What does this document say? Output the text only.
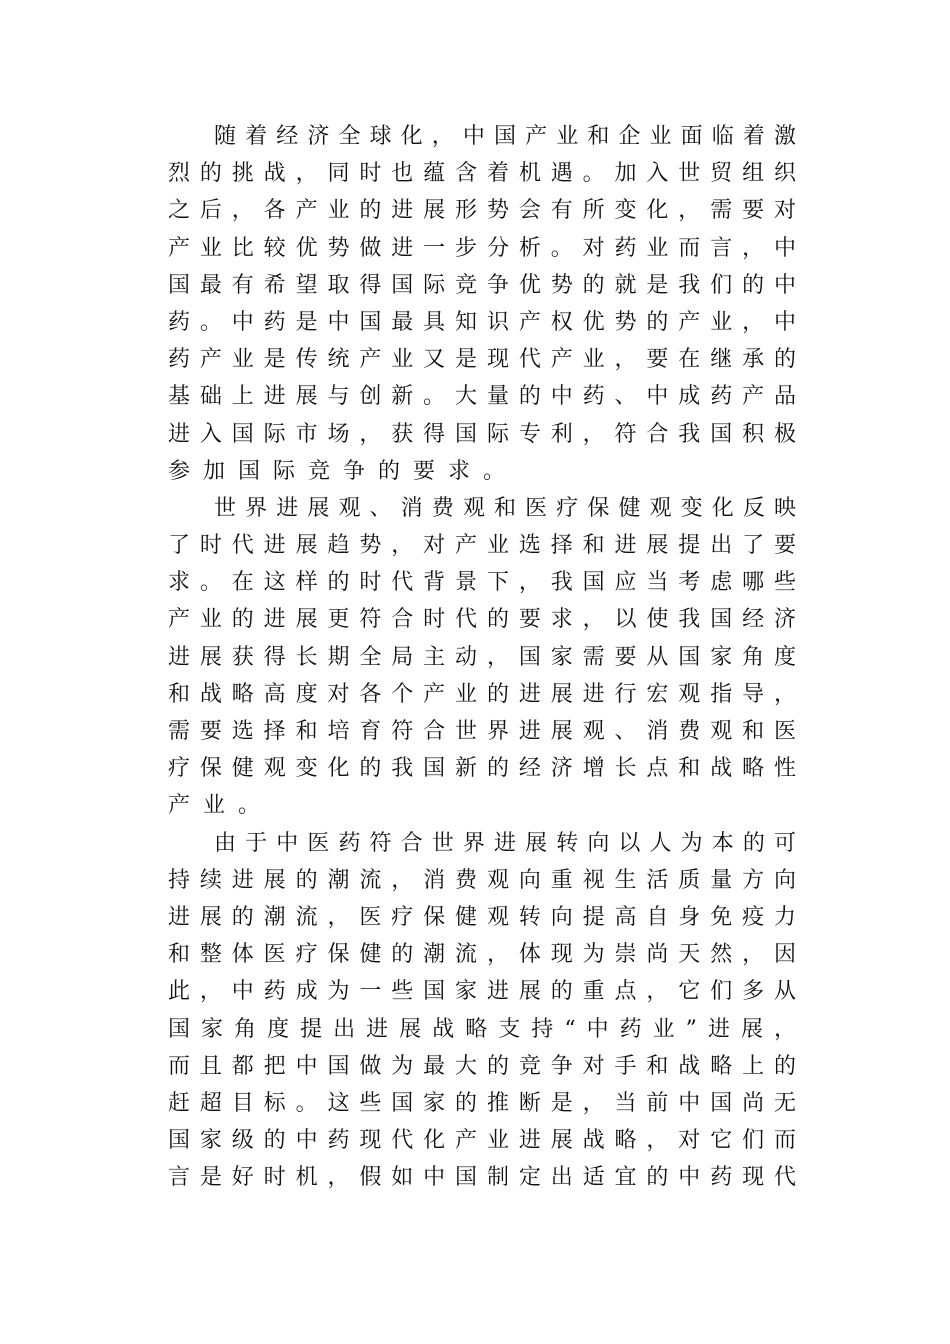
随着经济全球化，中国产业和企业面临着激
烈的挑战，同时也蕴含着机遇。加入世贸组织
之后，各产业的进展形势会有所变化，需要对
产业比较优势做进一步分析。对药业而言，中
国最有希望取得国际竞争优势的就是我们的中
药。中药是中国最具知识产权优势的产业，中
药产业是传统产业又是现代产业，要在继承的
基础上进展与创新。大量的中药、中成药产品
进入国际市场，获得国际专利，符合我国积极
参加国际竞争的要求。
世界进展观、消费观和医疗保健观变化反映
了时代进展趋势，对产业选择和进展提出了要
求。在这样的时代背景下，我国应当考虑哪些
产业的进展更符合时代的要求，以使我国经济
进展获得长期全局主动，国家需要从国家角度
和战略高度对各个产业的进展进行宏观指导，
需要选择和培育符合世界进展观、消费观和医
疗保健观变化的我国新的经济增长点和战略性
产业。
由于中医药符合世界进展转向以人为本的可
持续进展的潮流，消费观向重视生活质量方向
进展的潮流，医疗保健观转向提高自身免疫力
和整体医疗保健的潮流，体现为崇尚天然，因
此，中药成为一些国家进展的重点，它们多从
国家角度提出进展战略支持“中药业”进展，
而且都把中国做为最大的竞争对手和战略上的
赶超目标。这些国家的推断是，当前中国尚无
国家级的中药现代化产业进展战略，对它们而
言是好时机，假如中国制定出适宜的中药现代
